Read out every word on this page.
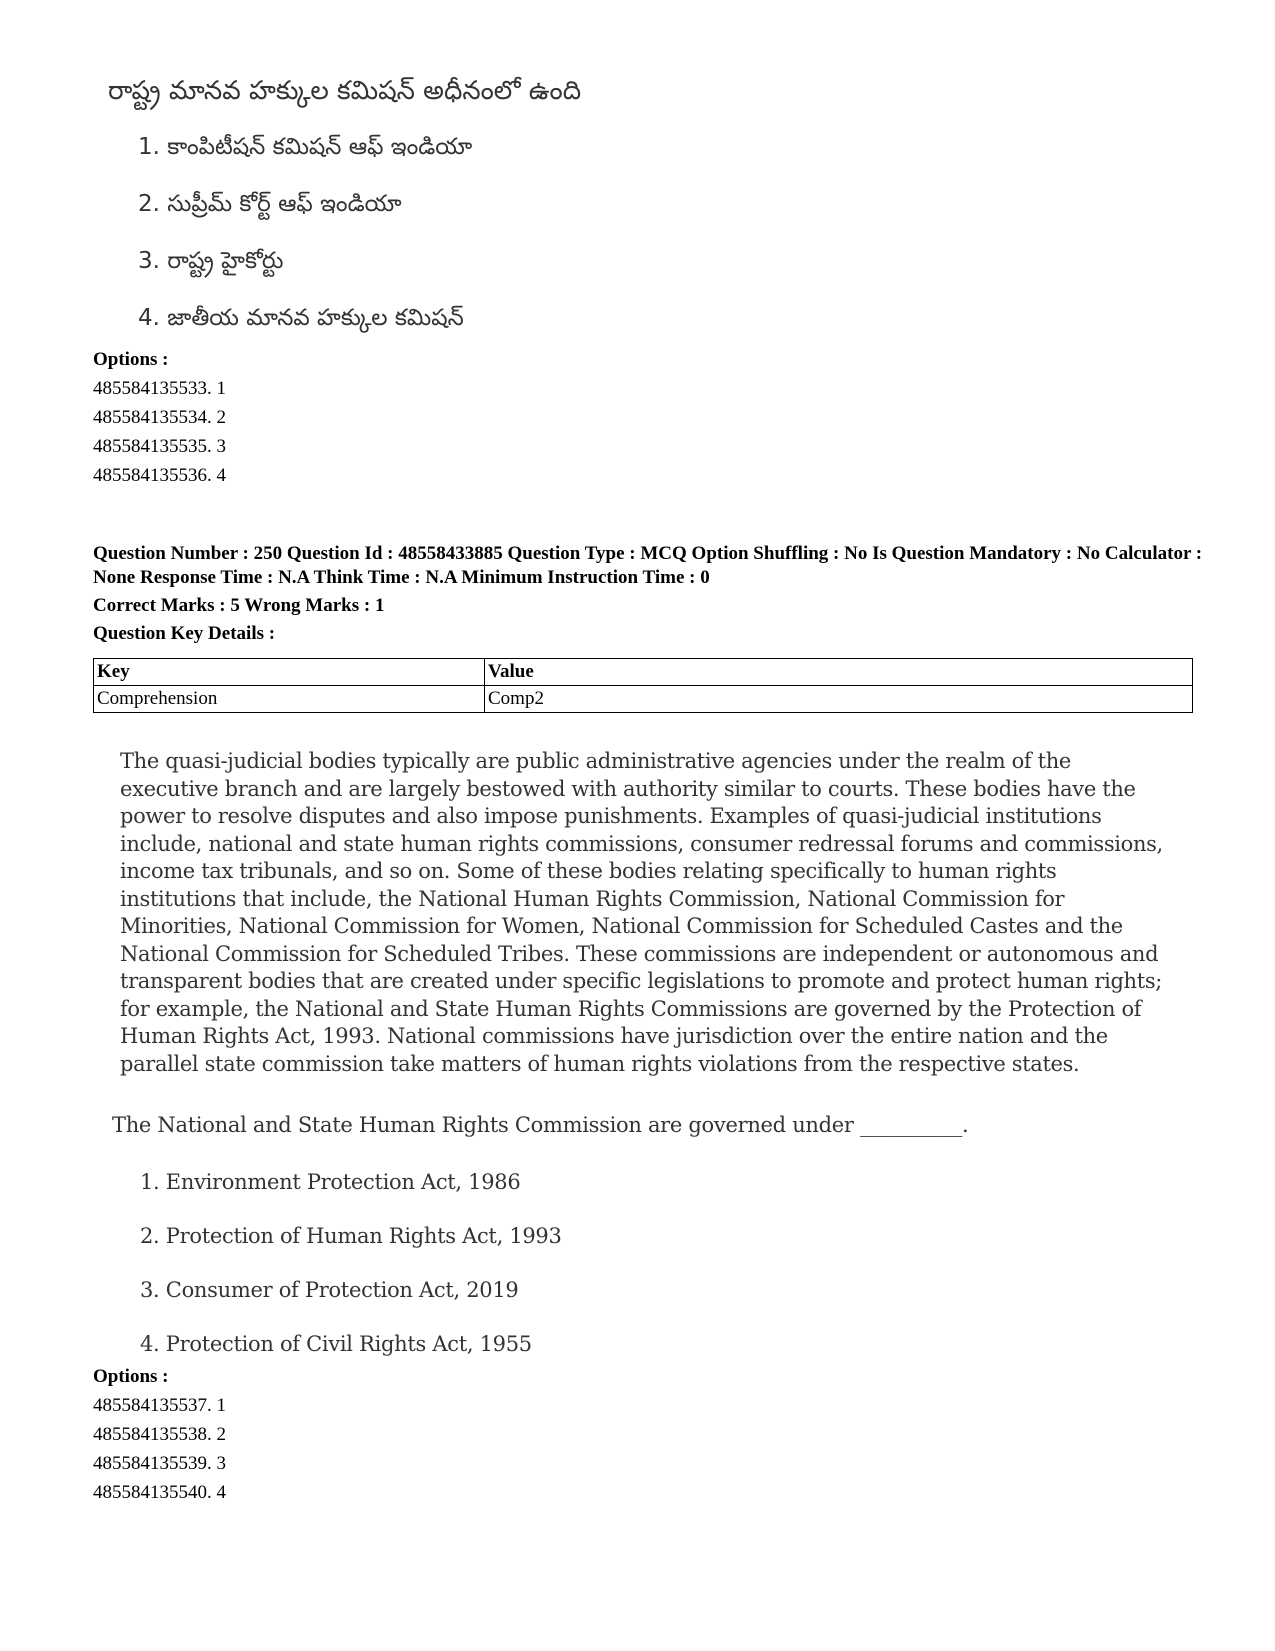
రాష్ట్ర మానవ హక్కుల కమిషన్ అధీనంలో ఉంది
1. కాంపిటీషన్ కమిషన్ ఆఫ్ ఇండియా
2. సుప్రీమ్ కోర్ట్ ఆఫ్ ఇండియా
3. రాష్ట్ర హైకోర్టు
4. జాతీయ మానవ హక్కుల కమిషన్
Options :
485584135533. 1
485584135534. 2
485584135535. 3
485584135536. 4

Question Number : 250 Question Id : 48558433885 Question Type : MCQ Option Shuffling : No Is Question Mandatory : No Calculator : None Response Time : N.A Think Time : N.A Minimum Instruction Time : 0

Correct Marks : 5 Wrong Marks : 1

Question Key Details :

Key	Value
Comprehension	Comp2

The quasi-judicial bodies typically are public administrative agencies under the realm of the executive branch and are largely bestowed with authority similar to courts. These bodies have the power to resolve disputes and also impose punishments. Examples of quasi-judicial institutions include, national and state human rights commissions, consumer redressal forums and commissions, income tax tribunals, and so on. Some of these bodies relating specifically to human rights institutions that include, the National Human Rights Commission, National Commission for Minorities, National Commission for Women, National Commission for Scheduled Castes and the National Commission for Scheduled Tribes. These commissions are independent or autonomous and transparent bodies that are created under specific legislations to promote and protect human rights; for example, the National and State Human Rights Commissions are governed by the Protection of Human Rights Act, 1993. National commissions have jurisdiction over the entire nation and the parallel state commission take matters of human rights violations from the respective states.

The National and State Human Rights Commission are governed under __________.
1. Environment Protection Act, 1986
2. Protection of Human Rights Act, 1993
3. Consumer of Protection Act, 2019
4. Protection of Civil Rights Act, 1955
Options :
485584135537. 1
485584135538. 2
485584135539. 3
485584135540. 4
